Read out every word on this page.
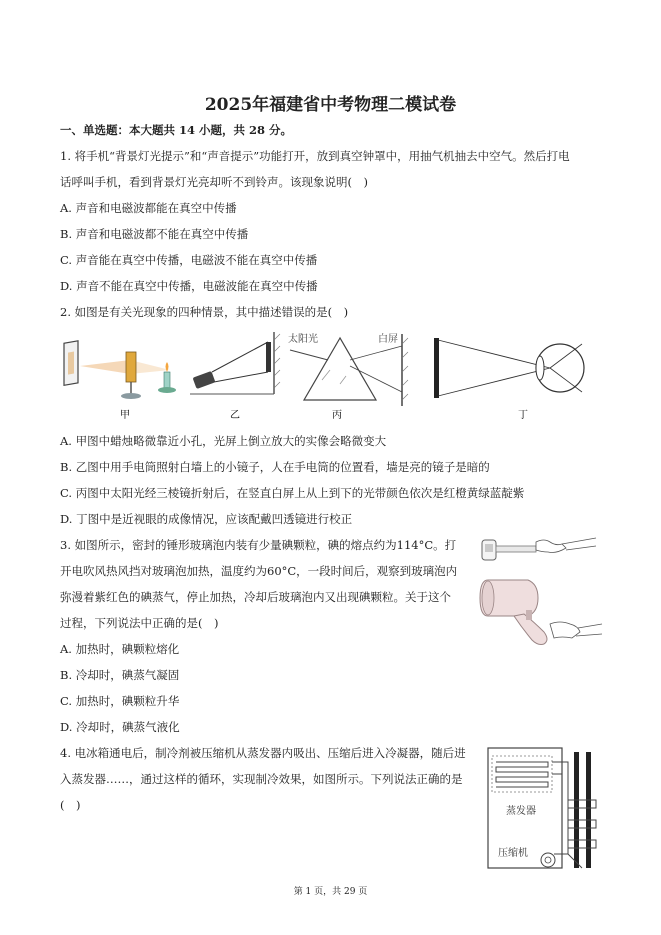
2025年福建省中考物理二模试卷
一、单选题：本大题共 14 小题，共 28 分。
1. 将手机“背景灯光提示”和“声音提示”功能打开，放到真空钟罩中，用抽气机抽去中空气。然后打电
话呼叫手机，看到背景灯光亮却听不到铃声。该现象说明(　)
A. 声音和电磁波都能在真空中传播
B. 声音和电磁波都不能在真空中传播
C. 声音能在真空中传播，电磁波不能在真空中传播
D. 声音不能在真空中传播，电磁波能在真空中传播
2. 如图是有关光现象的四种情景，其中描述错误的是(　)
甲	乙
太阳光	白屏
丙	丁
A. 甲图中蜡烛略微靠近小孔，光屏上倒立放大的实像会略微变大
B. 乙图中用手电筒照射白墙上的小镜子，人在手电筒的位置看，墙是亮的镜子是暗的
C. 丙图中太阳光经三棱镜折射后，在竖直白屏上从上到下的光带颜色依次是红橙黄绿蓝靛紫
D. 丁图中是近视眼的成像情况，应该配戴凹透镜进行校正
3. 如图所示，密封的锤形玻璃泡内装有少量碘颗粒，碘的熔点约为114°C。打
开电吹风热风挡对玻璃泡加热，温度约为60°C，一段时间后，观察到玻璃泡内
弥漫着紫红色的碘蒸气，停止加热，冷却后玻璃泡内又出现碘颗粒。关于这个
过程，下列说法中正确的是(　)
A. 加热时，碘颗粒熔化
B. 冷却时，碘蒸气凝固
C. 加热时，碘颗粒升华
D. 冷却时，碘蒸气液化
4. 电冰箱通电后，制冷剂被压缩机从蒸发器内吸出、压缩后进入冷凝器，随后进
入蒸发器……，通过这样的循环，实现制冷效果，如图所示。下列说法正确的是
(　)	蒸发器
压缩机
第 1 页，共 29 页
